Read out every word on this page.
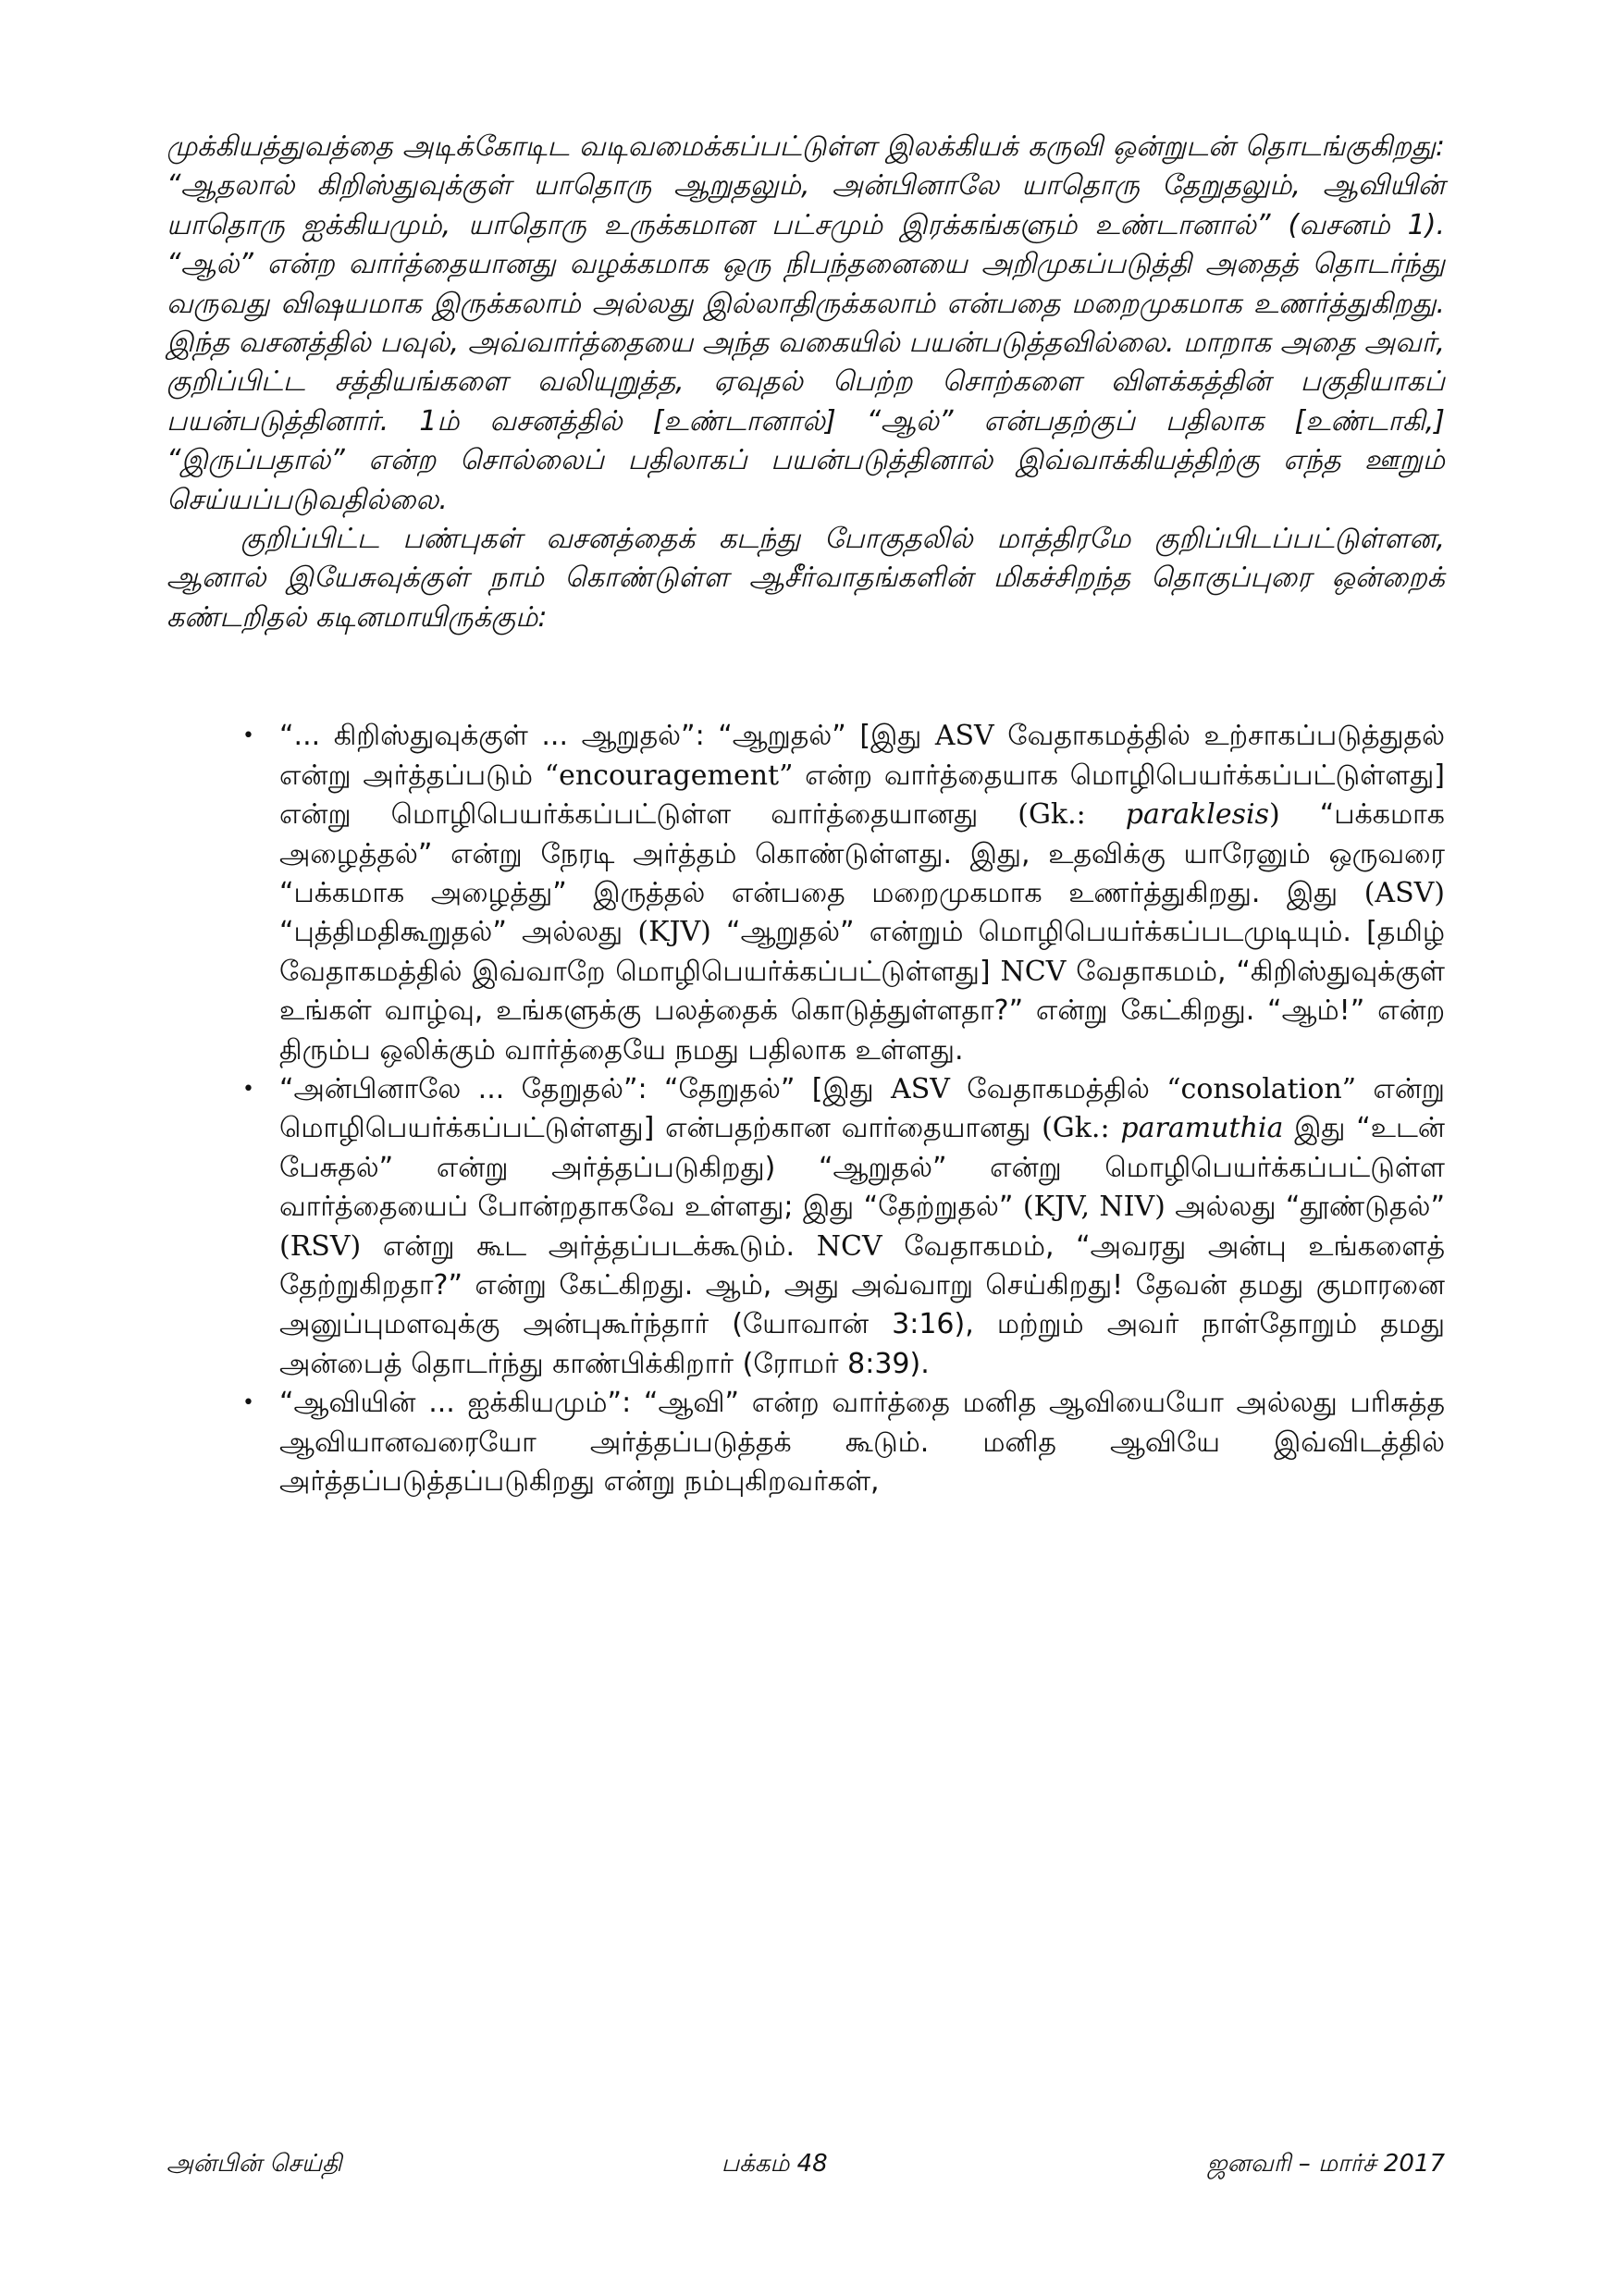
முக்கியத்துவத்தை அடிக்கோடிட வடிவமைக்கப்பட்டுள்ள இலக்கியக் கருவி ஒன்றுடன் தொடங்குகிறது: “ஆதலால் கிறிஸ்துவுக்குள் யாதொரு ஆறுதலும், அன்பினாலே யாதொரு தேறுதலும், ஆவியின் யாதொரு ஐக்கியமும், யாதொரு உருக்கமான பட்சமும் இரக்கங்களும் உண்டானால்” (வசனம் 1). “ஆல்” என்ற வார்த்தையானது வழக்கமாக ஒரு நிபந்தனையை அறிமுகப்படுத்தி அதைத் தொடர்ந்து வருவது விஷயமாக இருக்கலாம் அல்லது இல்லாதிருக்கலாம் என்பதை மறைமுகமாக உணர்த்துகிறது. இந்த வசனத்தில் பவுல், அவ்வார்த்தையை அந்த வகையில் பயன்படுத்தவில்லை. மாறாக அதை அவர், குறிப்பிட்ட சத்தியங்களை வலியுறுத்த, ஏவுதல் பெற்ற சொற்களை விளக்கத்தின் பகுதியாகப் பயன்படுத்தினார். 1ம் வசனத்தில் [உண்டானால்] “ஆல்” என்பதற்குப் பதிலாக [உண்டாகி,] “இருப்பதால்” என்ற சொல்லைப் பதிலாகப் பயன்படுத்தினால் இவ்வாக்கியத்திற்கு எந்த ஊறும் செய்யப்படுவதில்லை.

குறிப்பிட்ட பண்புகள் வசனத்தைக் கடந்து போகுதலில் மாத்திரமே குறிப்பிடப்பட்டுள்ளன, ஆனால் இயேசுவுக்குள் நாம் கொண்டுள்ள ஆசீர்வாதங்களின் மிகச்சிறந்த தொகுப்புரை ஒன்றைக் கண்டறிதல் கடினமாயிருக்கும்:

• “... கிறிஸ்துவுக்குள் ... ஆறுதல்”: “ஆறுதல்” [இது ASV வேதாகமத்தில் உற்சாகப்படுத்துதல் என்று அர்த்தப்படும் “encouragement” என்ற வார்த்தையாக மொழிபெயர்க்கப்பட்டுள்ளது] என்று மொழிபெயர்க்கப்பட்டுள்ள வார்த்தையானது (Gk.: paraklesis) “பக்கமாக அழைத்தல்” என்று நேரடி அர்த்தம் கொண்டுள்ளது. இது, உதவிக்கு யாரேனும் ஒருவரை “பக்கமாக அழைத்து” இருத்தல் என்பதை மறைமுகமாக உணர்த்துகிறது. இது (ASV) “புத்திமதிகூறுதல்” அல்லது (KJV) “ஆறுதல்” என்றும் மொழிபெயர்க்கப்படமுடியும். [தமிழ் வேதாகமத்தில் இவ்வாறே மொழிபெயர்க்கப்பட்டுள்ளது] NCV வேதாகமம், “கிறிஸ்துவுக்குள் உங்கள் வாழ்வு, உங்களுக்கு பலத்தைக் கொடுத்துள்ளதா?” என்று கேட்கிறது. “ஆம்!” என்ற திரும்ப ஒலிக்கும் வார்த்தையே நமது பதிலாக உள்ளது.
• “அன்பினாலே ... தேறுதல்”: “தேறுதல்” [இது ASV வேதாகமத்தில் “consolation” என்று மொழிபெயர்க்கப்பட்டுள்ளது] என்பதற்கான வார்தையானது (Gk.: paramuthia இது “உடன் பேசுதல்” என்று அர்த்தப்படுகிறது) “ஆறுதல்” என்று மொழிபெயர்க்கப்பட்டுள்ள வார்த்தையைப் போன்றதாகவே உள்ளது; இது “தேற்றுதல்” (KJV, NIV) அல்லது “தூண்டுதல்” (RSV) என்று கூட அர்த்தப்படக்கூடும். NCV வேதாகமம், “அவரது அன்பு உங்களைத் தேற்றுகிறதா?” என்று கேட்கிறது. ஆம், அது அவ்வாறு செய்கிறது! தேவன் தமது குமாரனை அனுப்புமளவுக்கு அன்புகூர்ந்தார் (யோவான் 3:16), மற்றும் அவர் நாள்தோறும் தமது அன்பைத் தொடர்ந்து காண்பிக்கிறார் (ரோமர் 8:39).
• “ஆவியின் ... ஐக்கியமும்”: “ஆவி” என்ற வார்த்தை மனித ஆவியையோ அல்லது பரிசுத்த ஆவியானவரையோ அர்த்தப்படுத்தக் கூடும். மனித ஆவியே இவ்விடத்தில் அர்த்தப்படுத்தப்படுகிறது என்று நம்புகிறவர்கள்,
அன்பின் செய்தி	பக்கம் 48	ஜனவரி – மார்ச் 2017
